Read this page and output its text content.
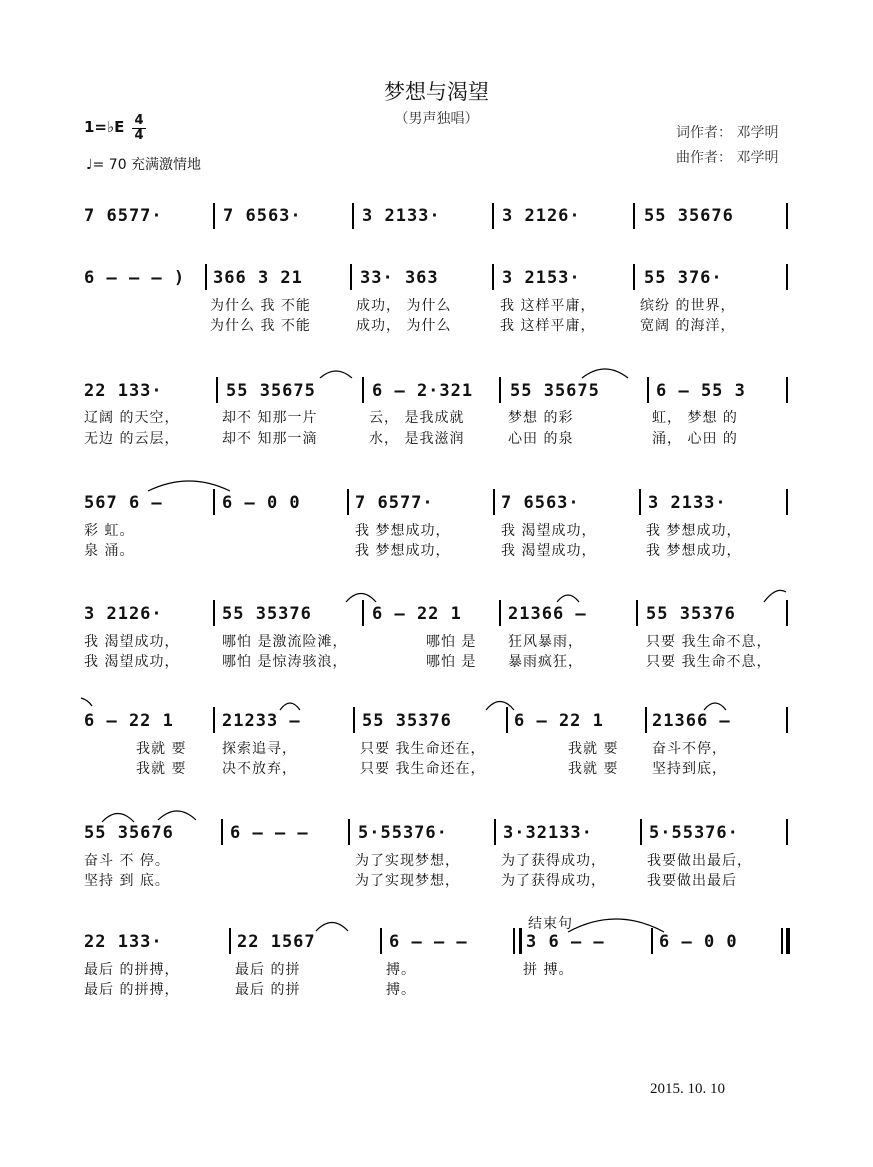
梦想与渴望
（男声独唱）
1=♭E 4
4
♩= 70 充满激情地
词作者： 邓学明
曲作者： 邓学明
7 6577·	7 6563·	3 2133·	3 2126·	55 35676
6 – – – ) 366 3 21	33· 363	3 2153·	55 376·
为什么 我 不能	成功， 为什么	我 这样平庸，	缤纷 的世界，
为什么 我 不能	成功， 为什么	我 这样平庸，	宽阔 的海洋，
22 133·	55 35675	6 – 2·321 55 35675	6 – 55 3
辽阔 的天空，	却不 知那一片	云， 是我成就	梦想 的彩	虹， 梦想 的
无边 的云层，	却不 知那一滴	水， 是我滋润	心田 的泉	涌， 心田 的
567 6 –	6 – 0 0	7 6577·	7 6563·	3 2133·
彩 虹。	我 梦想成功，	我 渴望成功，	我 梦想成功，
泉 涌。	我 梦想成功，	我 渴望成功，	我 梦想成功，
3 2126·	55 35376	6 – 22 1	21366 –	55 35376
我 渴望成功，	哪怕 是激流险滩，	哪怕 是 狂风暴雨，	只要 我生命不息，
我 渴望成功，	哪怕 是惊涛骇浪，	哪怕 是 暴雨疯狂，	只要 我生命不息，
6 – 22 1	21233 –	55 35376	6 – 22 1	21366 –
我就 要	探索追寻，	只要 我生命还在，	我就 要 奋斗不停，
我就 要	决不放弃，	只要 我生命还在，	我就 要 坚持到底，
55 35676	6 – – –	5·55376·	3·32133·	5·55376·
奋斗 不 停。	为了实现梦想，	为了获得成功，	我要做出最后，
坚持 到 底。	为了实现梦想，	为了获得成功，	我要做出最后
结束句
22 133·	22 1567	6 – – –	3 6 – –	6 – 0 0
最后 的拼搏，	最后 的拼	搏。	拼 搏。
最后 的拼搏，	最后 的拼	搏。
2015. 10. 10
